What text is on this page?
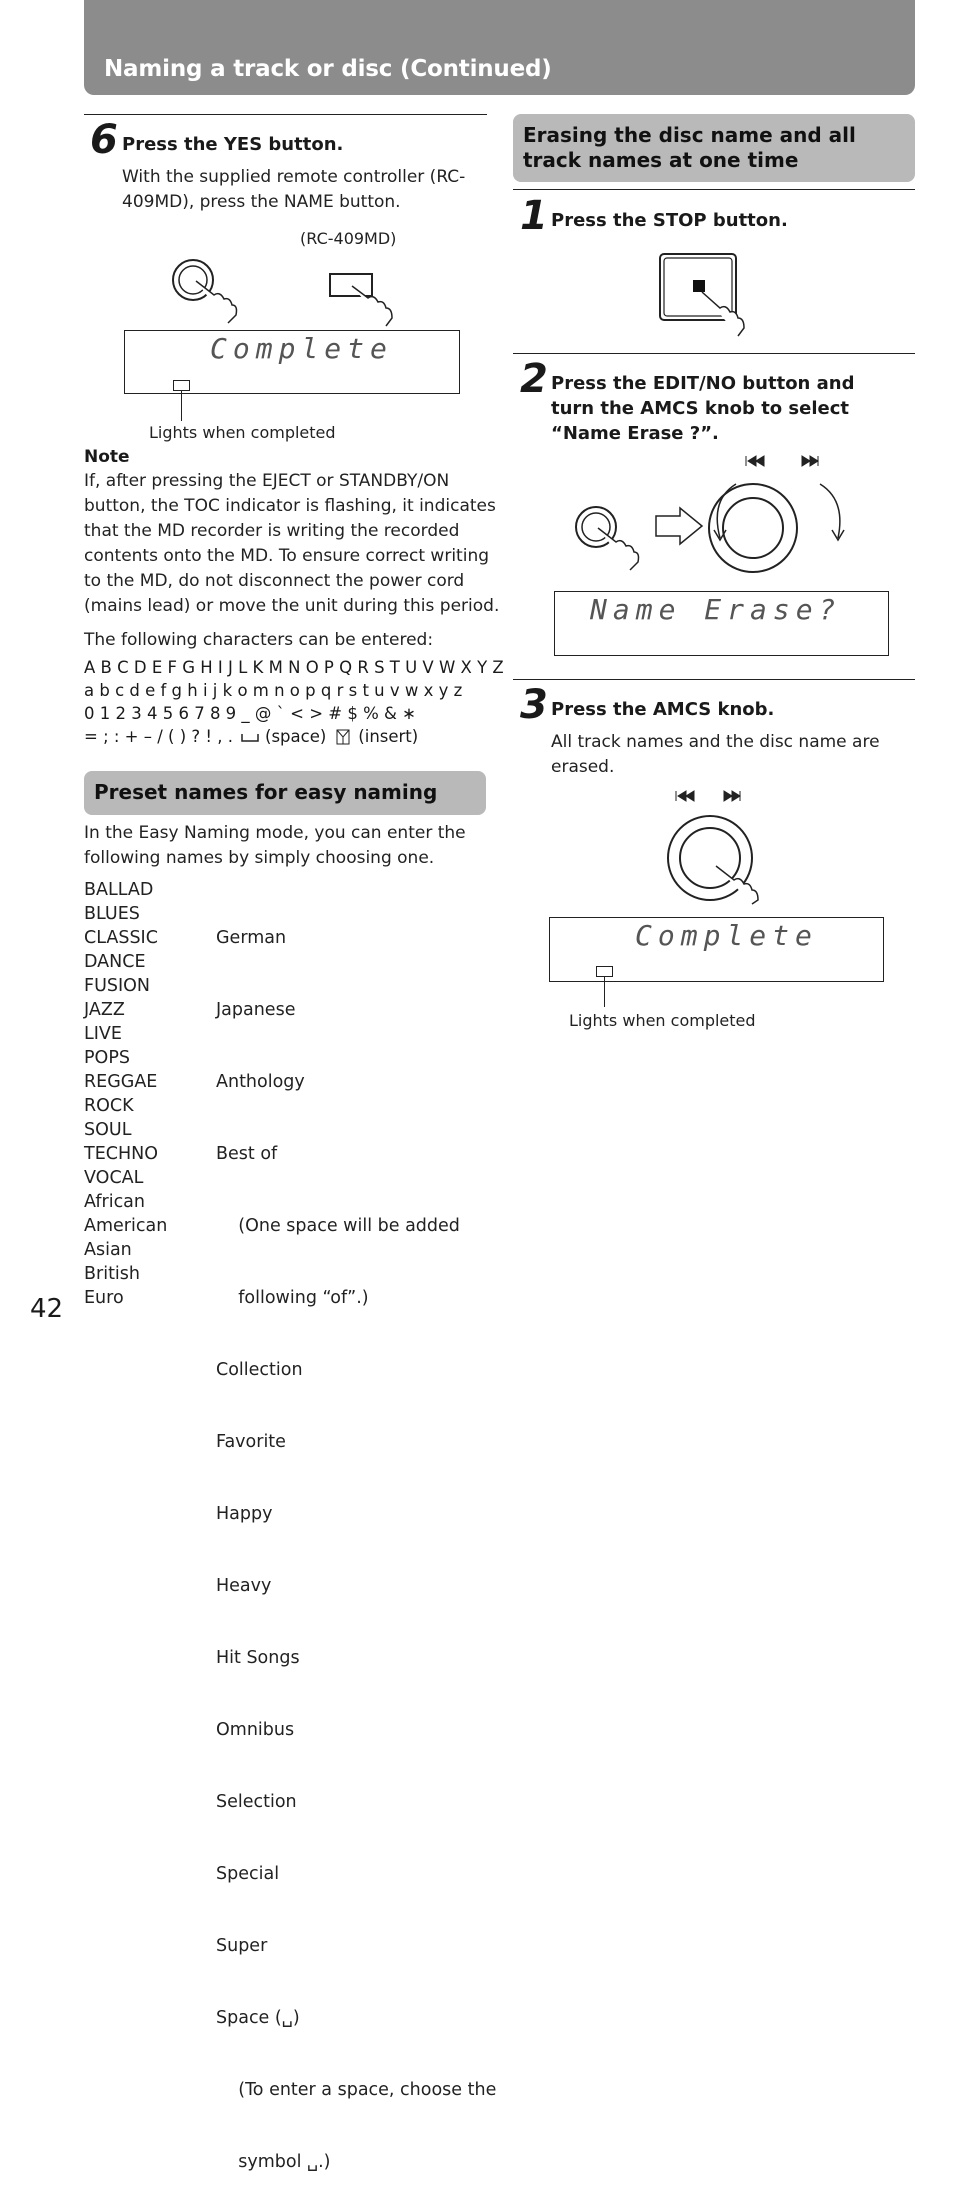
Naming a track or disc (Continued)
6 Press the YES button.
With the supplied remote controller (RC-
409MD), press the NAME button.
(RC-409MD)
Complete
Lights when completed
Note
If, after pressing the EJECT or STANDBY/ON
button, the TOC indicator is flashing, it indicates
that the MD recorder is writing the recorded
contents onto the MD. To ensure correct writing
to the MD, do not disconnect the power cord
(mains lead) or move the unit during this period.
The following characters can be entered:
A B C D E F G H I J L K M N O P Q R S T U V W X Y Z
a b c d e f g h i j k o m n o p q r s t u v w x y z
0 1 2 3 4 5 6 7 8 9 _ @ ` < > # $ % & ∗
= ; : + – / ( ) ? ! , . (space) (insert)
Preset names for easy naming
In the Easy Naming mode, you can enter the
following names by simply choosing one.
BALLAD
BLUES
CLASSIC
DANCE
FUSION
JAZZ
LIVE
POPS
REGGAE
ROCK
SOUL
TECHNO
VOCAL
African
American
Asian
British
Euro

German

Japanese

Anthology

Best of

(One space will be added

following “of”.)

Collection

Favorite

Happy

Heavy

Hit Songs

Omnibus

Selection

Special

Super

Space (␣)

(To enter a space, choose the

symbol ␣.)

42
Erasing the disc name and all
track names at one time
1 Press the STOP button.
2 Press the EDIT/NO button and
turn the AMCS knob to select
“Name Erase ?”.
Name Erase?
3 Press the AMCS knob.
All track names and the disc name are
erased.
Complete
Lights when completed
